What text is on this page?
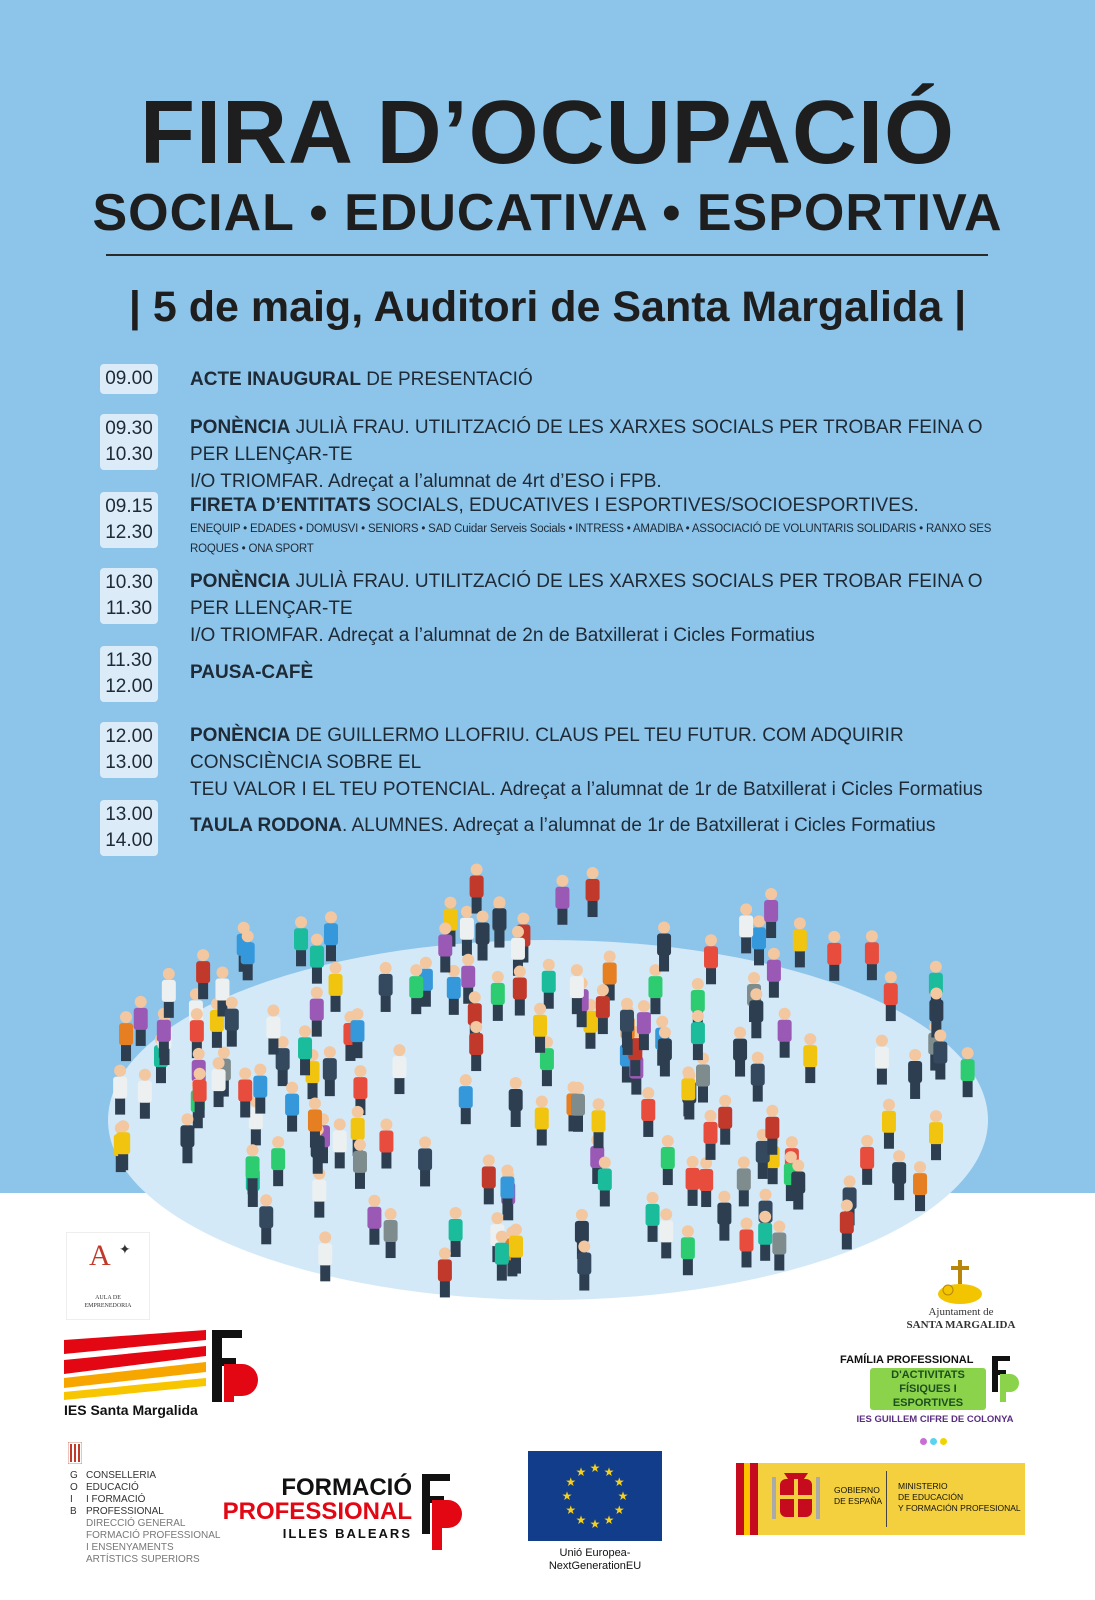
FIRA D’OCUPACIÓ
SOCIAL • EDUCATIVA • ESPORTIVA
| 5 de maig, Auditori de Santa Margalida |
09.00 ACTE INAUGURAL DE PRESENTACIÓ
09.30
10.30
PONÈNCIA JULIÀ FRAU. UTILITZACIÓ DE LES XARXES SOCIALS PER TROBAR FEINA O PER LLENÇAR-TE
I/O TRIOMFAR. Adreçat a l’alumnat de 4rt d’ESO i FPB.
09.15
12.30
FIRETA D’ENTITATS SOCIALS, EDUCATIVES I ESPORTIVES/SOCIOESPORTIVES.
ENEQUIP • EDADES • DOMUSVI • SENIORS • SAD Cuidar Serveis Socials • INTRESS • AMADIBA • ASSOCIACIÓ DE VOLUNTARIS SOLIDARIS • RANXO SES ROQUES • ONA SPORT
10.30
11.30
PONÈNCIA JULIÀ FRAU. UTILITZACIÓ DE LES XARXES SOCIALS PER TROBAR FEINA O PER LLENÇAR-TE
I/O TRIOMFAR. Adreçat a l’alumnat de 2n de Batxillerat i Cicles Formatius
11.30
12.00
PAUSA-CAFÈ
12.00
13.00
PONÈNCIA DE GUILLERMO LLOFRIU. CLAUS PEL TEU FUTUR. COM ADQUIRIR CONSCIÈNCIA SOBRE EL
TEU VALOR I EL TEU POTENCIAL. Adreçat a l’alumnat de 1r de Batxillerat i Cicles Formatius
13.00
14.00
TAULA RODONA. ALUMNES. Adreçat a l’alumnat de 1r de Batxillerat i Cicles Formatius
A ✦
AULA DE
EMPRENEDORIA
IES Santa Margalida
Ajuntament de
SANTA MARGALIDA
FAMÍLIA PROFESSIONAL
D'ACTIVITATS
FÍSIQUES I
ESPORTIVES
IES GUILLEM CIFRE DE COLONYA
G
O
I
B
CONSELLERIA
EDUCACIÓ
I FORMACIÓ
PROFESSIONAL
DIRECCIÓ GENERAL
FORMACIÓ PROFESSIONAL
I ENSENYAMENTS
ARTÍSTICS SUPERIORS
FORMACIÓ
PROFESSIONAL
ILLES BALEARS
★
★
★
★
★
★
★
★
★ ★ ★
★
Unió Europea-
NextGenerationEU
GOBIERNO
DE ESPAÑA
MINISTERIO
DE EDUCACIÓN
Y FORMACIÓN PROFESIONAL
